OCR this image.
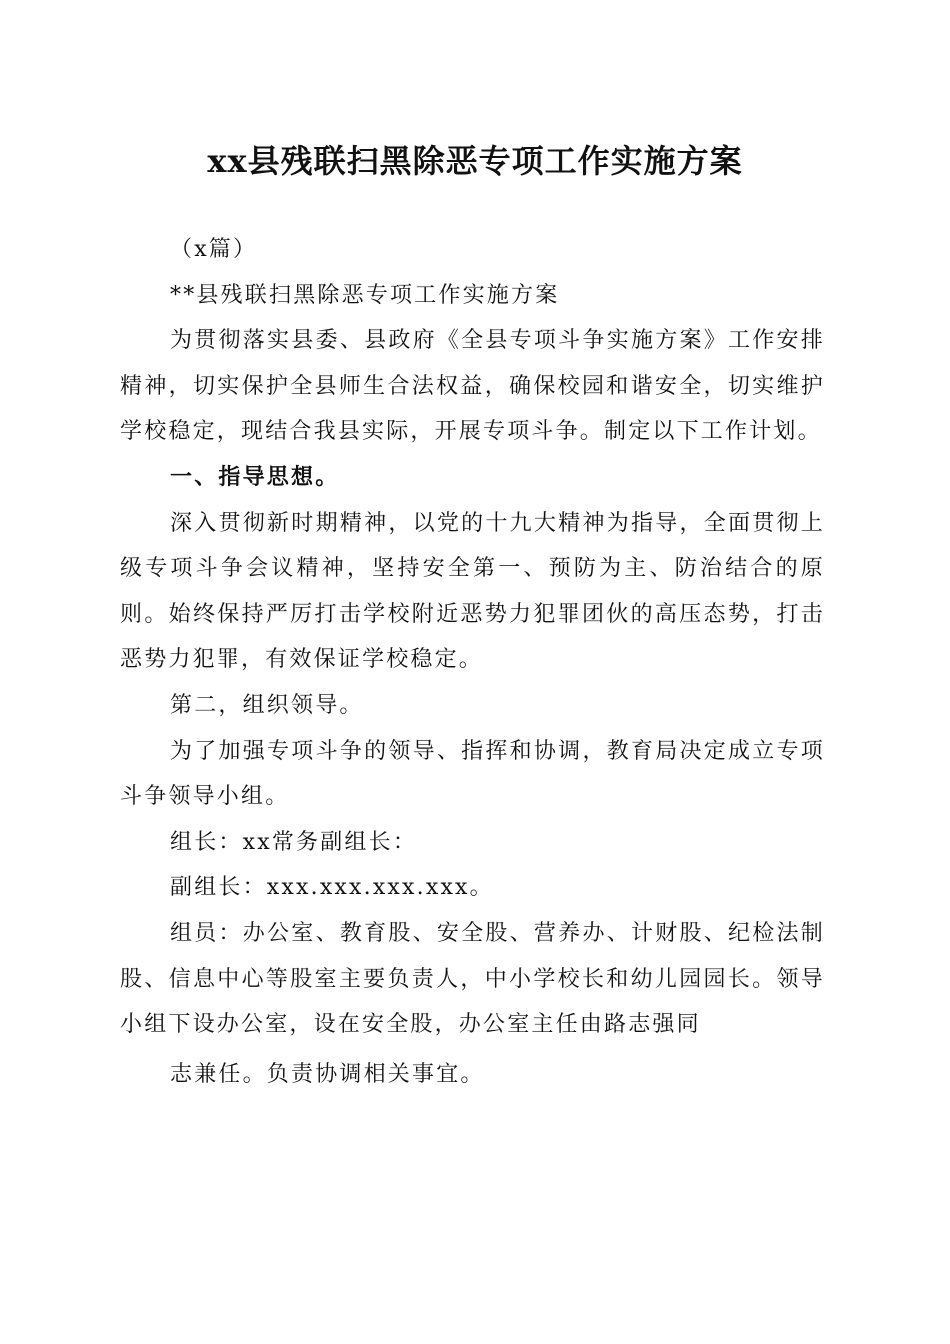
xx县残联扫黑除恶专项工作实施方案

（x篇）

**县残联扫黑除恶专项工作实施方案

为贯彻落实县委、县政府《全县专项斗争实施方案》工作安排精神，切实保护全县师生合法权益，确保校园和谐安全，切实维护学校稳定，现结合我县实际，开展专项斗争。制定以下工作计划。

一、指导思想。

深入贯彻新时期精神，以党的十九大精神为指导，全面贯彻上级专项斗争会议精神，坚持安全第一、预防为主、防治结合的原则。始终保持严厉打击学校附近恶势力犯罪团伙的高压态势，打击恶势力犯罪，有效保证学校稳定。

第二，组织领导。

为了加强专项斗争的领导、指挥和协调，教育局决定成立专项斗争领导小组。

组长：xx常务副组长：

副组长：xxx.xxx.xxx.xxx。

组员：办公室、教育股、安全股、营养办、计财股、纪检法制股、信息中心等股室主要负责人，中小学校长和幼儿园园长。领导小组下设办公室，设在安全股，办公室主任由路志强同

志兼任。负责协调相关事宜。
